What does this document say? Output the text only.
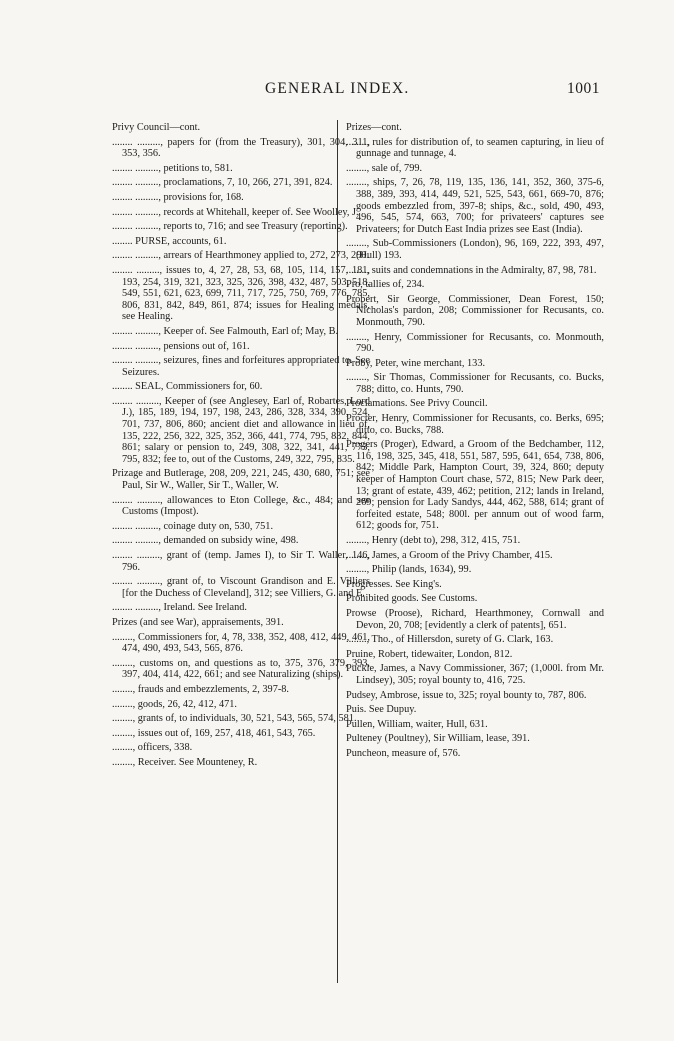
GENERAL INDEX.	1001

Privy Council—cont.

........ ........., papers for (from the Treasury), 301, 304, 311, 353, 356.

........ ........., petitions to, 581.

........ ........., proclamations, 7, 10, 266, 271, 391, 824.

........ ........., provisions for, 168.

........ ........., records at Whitehall, keeper of. See Woolley, J.

........ ........., reports to, 716; and see Treasury (reporting).

........ PURSE, accounts, 61.

........ ........., arrears of Hearthmoney applied to, 272, 273, 290.

........ ........., issues to, 4, 27, 28, 53, 68, 105, 114, 157, 181, 193, 254, 319, 321, 323, 325, 326, 398, 432, 487, 503, 518, 549, 551, 621, 623, 699, 711, 717, 725, 750, 769, 776, 785, 806, 831, 842, 849, 861, 874; issues for Healing medals, see Healing.

........ ........., Keeper of. See Falmouth, Earl of; May, B.

........ ........., pensions out of, 161.

........ ........., seizures, fines and forfeitures appropriated to. See Seizures.

........ SEAL, Commissioners for, 60.

........ ........., Keeper of (see Anglesey, Earl of, Robartes, Lord J.), 185, 189, 194, 197, 198, 243, 286, 328, 334, 390, 524, 701, 737, 806, 860; ancient diet and allowance in lieu of, 135, 222, 256, 322, 325, 352, 366, 441, 774, 795, 832, 844, 861; salary or pension to, 249, 308, 322, 341, 441, 773, 795, 832; fee to, out of the Customs, 249, 322, 795, 835.

Prizage and Butlerage, 208, 209, 221, 245, 430, 680, 751; see Paul, Sir W., Waller, Sir T., Waller, W.

........ ........., allowances to Eton College, &c., 484; and see Customs (Impost).

........ ........., coinage duty on, 530, 751.

........ ........., demanded on subsidy wine, 498.

........ ........., grant of (temp. James I), to Sir T. Waller, 146, 796.

........ ........., grant of, to Viscount Grandison and E. Villiers [for the Duchess of Cleveland], 312; see Villiers, G. and E.

........ ........., Ireland. See Ireland.

Prizes (and see War), appraisements, 391.

........, Commissioners for, 4, 78, 338, 352, 408, 412, 449, 461, 474, 490, 493, 543, 565, 876.

........, customs on, and questions as to, 375, 376, 379, 393, 397, 404, 414, 422, 661; and see Naturalizing (ships).

........, frauds and embezzlements, 2, 397-8.

........, goods, 26, 42, 412, 471.

........, grants of, to individuals, 30, 521, 543, 565, 574, 581.

........, issues out of, 169, 257, 418, 461, 543, 765.

........, officers, 338.

........, Receiver. See Mounteney, R.

Prizes—cont.

........, rules for distribution of, to seamen capturing, in lieu of gunnage and tunnage, 4.

........, sale of, 799.

........, ships, 7, 26, 78, 119, 135, 136, 141, 352, 360, 375-6, 388, 389, 393, 414, 449, 521, 525, 543, 661, 669-70, 876; goods embezzled from, 397-8; ships, &c., sold, 490, 493, 496, 545, 574, 663, 700; for privateers' captures see Privateers; for Dutch East India prizes see East (India).

........, Sub-Commissioners (London), 96, 169, 222, 393, 497, (Hull) 193.

........, suits and condemnations in the Admiralty, 87, 98, 781.

Pro, tallies of, 234.

Probert, Sir George, Commissioner, Dean Forest, 150; Nicholas's pardon, 208; Commissioner for Recusants, co. Monmouth, 790.

........, Henry, Commissioner for Recusants, co. Monmouth, 790.

Proby, Peter, wine merchant, 133.

........, Sir Thomas, Commissioner for Recusants, co. Bucks, 788; ditto, co. Hunts, 790.

Proclamations. See Privy Council.

Procter, Henry, Commissioner for Recusants, co. Berks, 695; ditto, co. Bucks, 788.

Progers (Proger), Edward, a Groom of the Bedchamber, 112, 116, 198, 325, 345, 418, 551, 587, 595, 641, 654, 738, 806, 842; Middle Park, Hampton Court, 39, 324, 860; deputy keeper of Hampton Court chase, 572, 815; New Park deer, 13; grant of estate, 439, 462; petition, 212; lands in Ireland, 269; pension for Lady Sandys, 444, 462, 588, 614; grant of forfeited estate, 548; 800l. per annum out of wood farm, 612; goods for, 751.

........, Henry (debt to), 298, 312, 415, 751.

........, James, a Groom of the Privy Chamber, 415.

........, Philip (lands, 1634), 99.

Progresses. See King's.

Prohibited goods. See Customs.

Prowse (Proose), Richard, Hearthmoney, Cornwall and Devon, 20, 708; [evidently a clerk of patents], 651.

........, Tho., of Hillersdon, surety of G. Clark, 163.

Pruine, Robert, tidewaiter, London, 812.

Puckle, James, a Navy Commissioner, 367; (1,000l. from Mr. Lindsey), 305; royal bounty to, 416, 725.

Pudsey, Ambrose, issue to, 325; royal bounty to, 787, 806.

Puis. See Dupuy.

Pullen, William, waiter, Hull, 631.

Pulteney (Poultney), Sir William, lease, 391.

Puncheon, measure of, 576.
